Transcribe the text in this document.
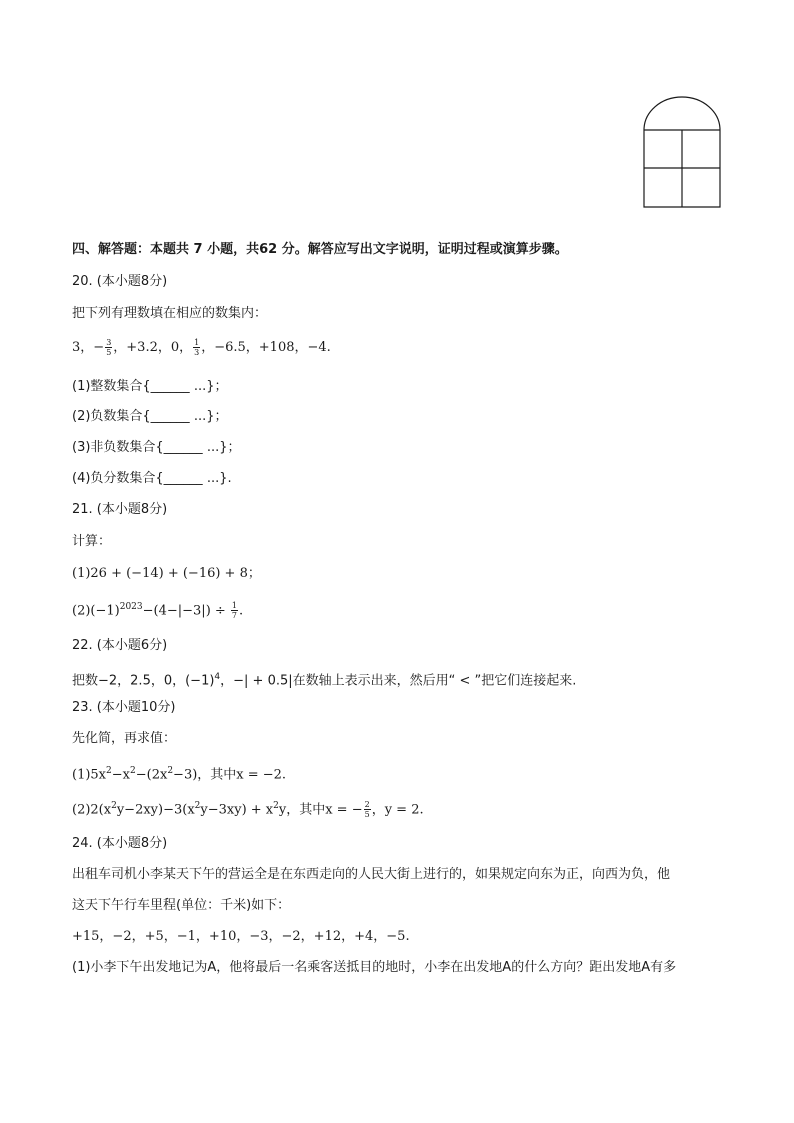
四、解答题：本题共 7 小题，共62 分。解答应写出文字说明，证明过程或演算步骤。
20. (本小题8分)
把下列有理数填在相应的数集内：
3，− $\frac{3}{5}$ ，+3.2，0， $\frac{1}{3}$ ，−6.5，+108，−4.
(1)整数集合{______ ...}；
(2)负数集合{______ ...}；
(3)非负数集合{______ ...}；
(4)负分数集合{______ ...}.
21. (本小题8分)
计算：
(1)26 + (−14) + (−16) + 8；
$(2)(-1)^{2023}-(4-|-3|) \div \frac{1}{7}$ .
22. (本小题6分)
把数−2，2.5，0，$(-1)^4$，−| + 0.5|在数轴上表示出来，然后用“ < ”把它们连接起来.
23. (本小题10分)
先化简，再求值：
$(1)5x^2-x^2-(2x^2-3)$，其中x = −2.
$(2)2(x^2y-2xy)-3(x^2y-3xy) + x^2y$，其中x = − $\frac{2}{5}$ ，y = 2.
24. (本小题8分)
出租车司机小李某天下午的营运全是在东西走向的人民大街上进行的，如果规定向东为正，向西为负，他
这天下午行车里程(单位：千米)如下：
+15，−2，+5，−1，+10，−3，−2，+12，+4，−5.
(1)小李下午出发地记为A，他将最后一名乘客送抵目的地时，小李在出发地A的什么方向？距出发地A有多
